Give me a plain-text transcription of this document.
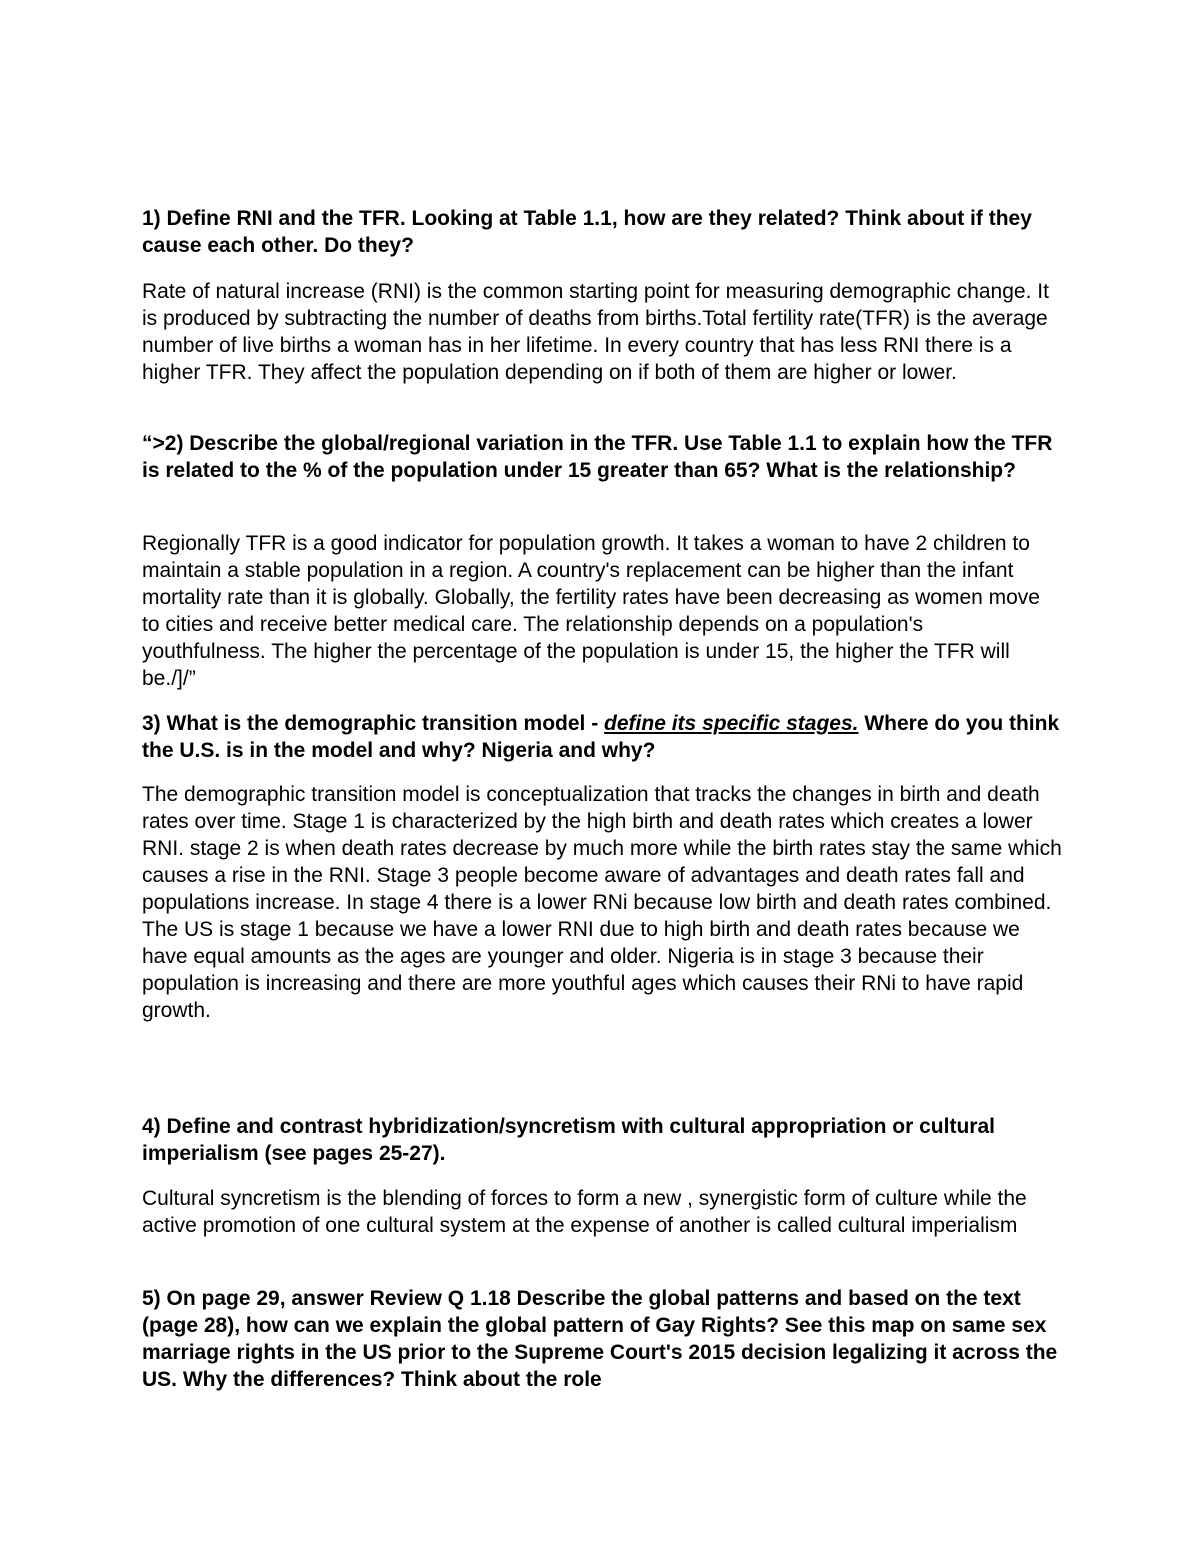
1) Define RNI and the TFR. Looking at Table 1.1, how are they related? Think about if they cause each other. Do they?

Rate of natural increase (RNI) is the common starting point for measuring demographic change. It is produced by subtracting the number of deaths from births.Total fertility rate(TFR) is the average number of live births a woman has in her lifetime. In every country that has less RNI there is a higher TFR. They affect the population depending on if both of them are higher or lower.

“>2) Describe the global/regional variation in the TFR. Use Table 1.1 to explain how the TFR is related to the % of the population under 15 greater than 65? What is the relationship?

Regionally TFR is a good indicator for population growth. It takes a woman to have 2 children to maintain a stable population in a region. A country's replacement can be higher than the infant mortality rate than it is globally. Globally, the fertility rates have been decreasing as women move to cities and receive better medical care. The relationship depends on a population's youthfulness. The higher the percentage of the population is under 15, the higher the TFR will be./]/”

3) What is the demographic transition model - define its specific stages. Where do you think the U.S. is in the model and why? Nigeria and why?

The demographic transition model is conceptualization that tracks the changes in birth and death rates over time. Stage 1 is characterized by the high birth and death rates which creates a lower RNI. stage 2 is when death rates decrease by much more while the birth rates stay the same which causes a rise in the RNI. Stage 3 people become aware of advantages and death rates fall and populations increase. In stage 4 there is a lower RNi because low birth and death rates combined. The US is stage 1 because we have a lower RNI due to high birth and death rates because we have equal amounts as the ages are younger and older. Nigeria is in stage 3 because their population is increasing and there are more youthful ages which causes their RNi to have rapid growth.

4) Define and contrast hybridization/syncretism with cultural appropriation or cultural imperialism (see pages 25-27).

Cultural syncretism is the blending of forces to form a new , synergistic form of culture while the active promotion of one cultural system at the expense of another is called cultural imperialism

5) On page 29, answer Review Q 1.18 Describe the global patterns and based on the text (page 28), how can we explain the global pattern of Gay Rights? See this map on same sex marriage rights in the US prior to the Supreme Court's 2015 decision legalizing it across the US. Why the differences? Think about the role
